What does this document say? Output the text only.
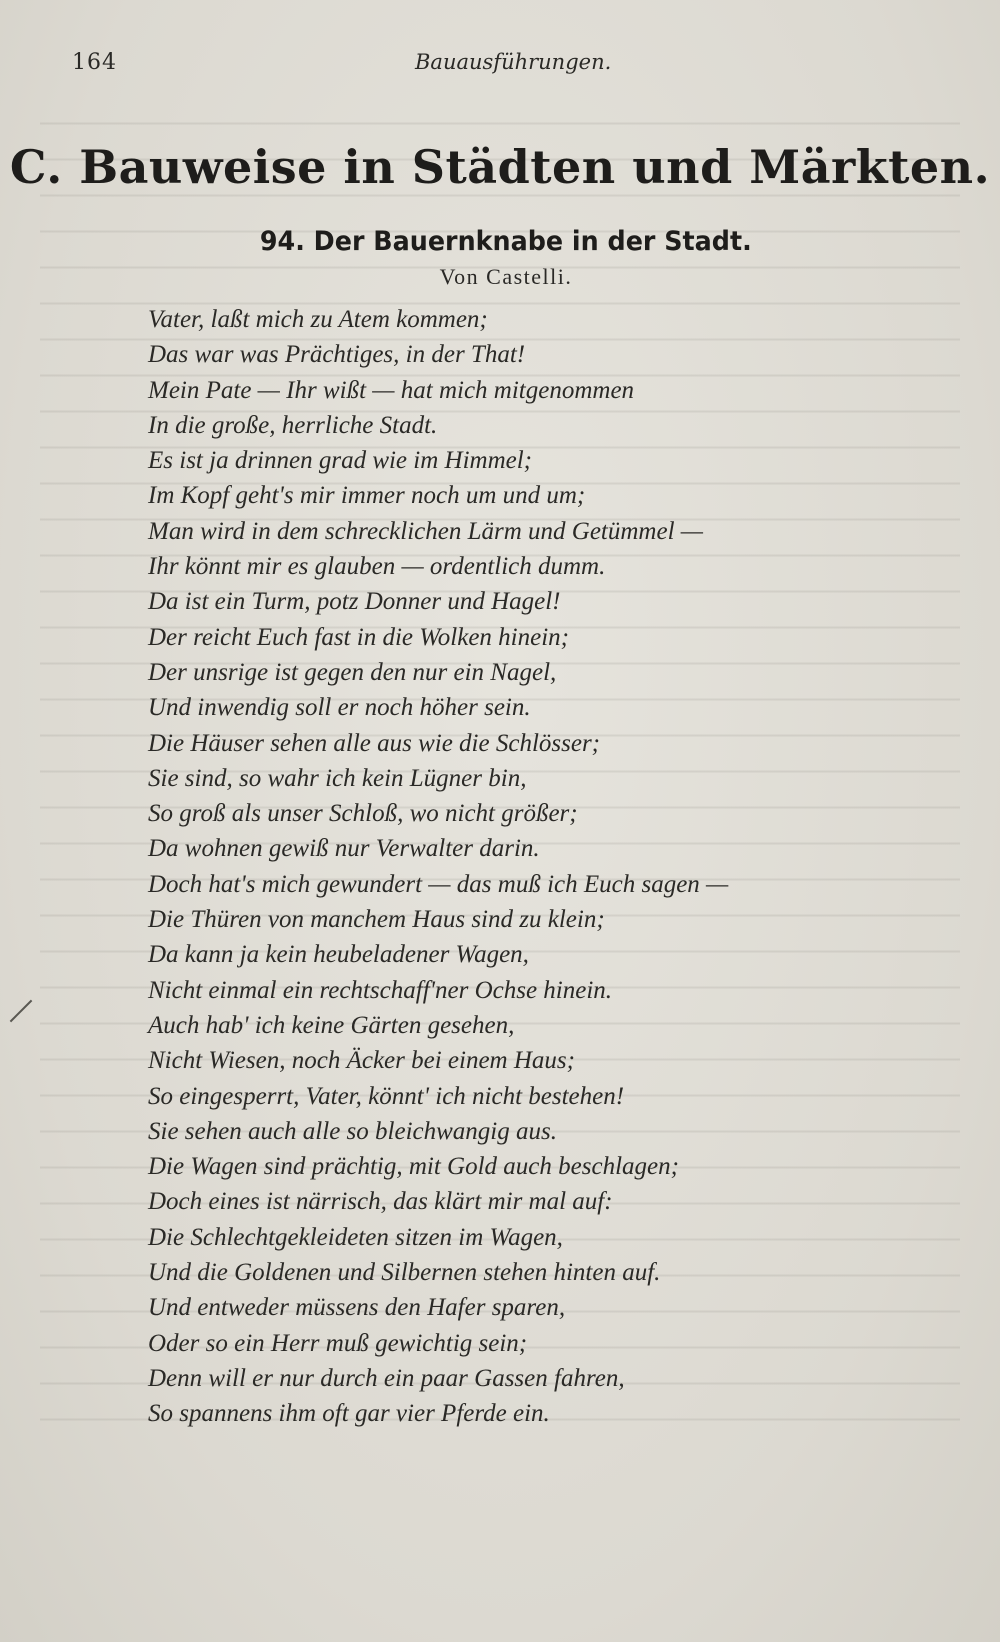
164	Bauausführungen.
C. Bauweise in Städten und Märkten.
94. Der Bauernknabe in der Stadt.
Von Castelli.
Vater, laßt mich zu Atem kommen;
Das war was Prächtiges, in der That!
Mein Pate — Ihr wißt — hat mich mitgenommen
In die große, herrliche Stadt.
Es ist ja drinnen grad wie im Himmel;
Im Kopf geht's mir immer noch um und um;
Man wird in dem schrecklichen Lärm und Getümmel —
Ihr könnt mir es glauben — ordentlich dumm.
Da ist ein Turm, potz Donner und Hagel!
Der reicht Euch fast in die Wolken hinein;
Der unsrige ist gegen den nur ein Nagel,
Und inwendig soll er noch höher sein.
Die Häuser sehen alle aus wie die Schlösser;
Sie sind, so wahr ich kein Lügner bin,
So groß als unser Schloß, wo nicht größer;
Da wohnen gewiß nur Verwalter darin.
Doch hat's mich gewundert — das muß ich Euch sagen —
Die Thüren von manchem Haus sind zu klein;
Da kann ja kein heubeladener Wagen,
Nicht einmal ein rechtschaff'ner Ochse hinein.
Auch hab' ich keine Gärten gesehen,
Nicht Wiesen, noch Äcker bei einem Haus;
So eingesperrt, Vater, könnt' ich nicht bestehen!
Sie sehen auch alle so bleichwangig aus.
Die Wagen sind prächtig, mit Gold auch beschlagen;
Doch eines ist närrisch, das klärt mir mal auf:
Die Schlechtgekleideten sitzen im Wagen,
Und die Goldenen und Silbernen stehen hinten auf.
Und entweder müssens den Hafer sparen,
Oder so ein Herr muß gewichtig sein;
Denn will er nur durch ein paar Gassen fahren,
So spannens ihm oft gar vier Pferde ein.
